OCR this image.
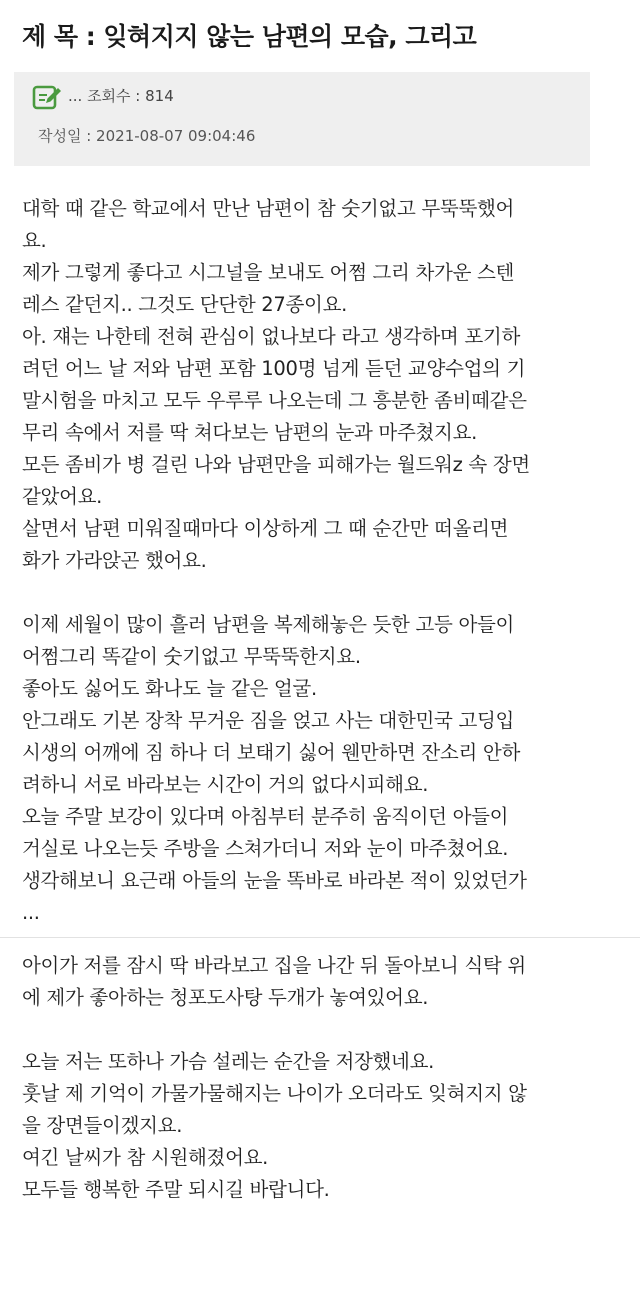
제 목 : 잊혀지지 않는 남편의 모습, 그리고
... 조회수 : 814
작성일 : 2021-08-07 09:04:46
대학 때 같은 학교에서 만난 남편이 참 숫기없고 무뚝뚝했어
요.
제가 그렇게 좋다고 시그널을 보내도 어쩜 그리 차가운 스텐
레스 같던지.. 그것도 단단한 27종이요.
아. 쟤는 나한테 전혀 관심이 없나보다 라고 생각하며 포기하
려던 어느 날 저와 남편 포함 100명 넘게 듣던 교양수업의 기
말시험을 마치고 모두 우루루 나오는데 그 흥분한 좀비떼같은
무리 속에서 저를 딱 쳐다보는 남편의 눈과 마주쳤지요.
모든 좀비가 병 걸린 나와 남편만을 피해가는 월드워z 속 장면
같았어요.
살면서 남편 미워질때마다 이상하게 그 때 순간만 떠올리면
화가 가라앉곤 했어요.
이제 세월이 많이 흘러 남편을 복제해놓은 듯한 고등 아들이
어쩜그리 똑같이 숫기없고 무뚝뚝한지요.
좋아도 싫어도 화나도 늘 같은 얼굴.
안그래도 기본 장착 무거운 짐을 얹고 사는 대한민국 고딩입
시생의 어깨에 짐 하나 더 보태기 싫어 웬만하면 잔소리 안하
려하니 서로 바라보는 시간이 거의 없다시피해요.
오늘 주말 보강이 있다며 아침부터 분주히 움직이던 아들이
거실로 나오는듯 주방을 스쳐가더니 저와 눈이 마주쳤어요.
생각해보니 요근래 아들의 눈을 똑바로 바라본 적이 있었던가
...
아이가 저를 잠시 딱 바라보고 집을 나간 뒤 돌아보니 식탁 위
에 제가 좋아하는 청포도사탕 두개가 놓여있어요.
오늘 저는 또하나 가슴 설레는 순간을 저장했네요.
훗날 제 기억이 가물가물해지는 나이가 오더라도 잊혀지지 않
을 장면들이겠지요.
여긴 날씨가 참 시원해졌어요.
모두들 행복한 주말 되시길 바랍니다.
